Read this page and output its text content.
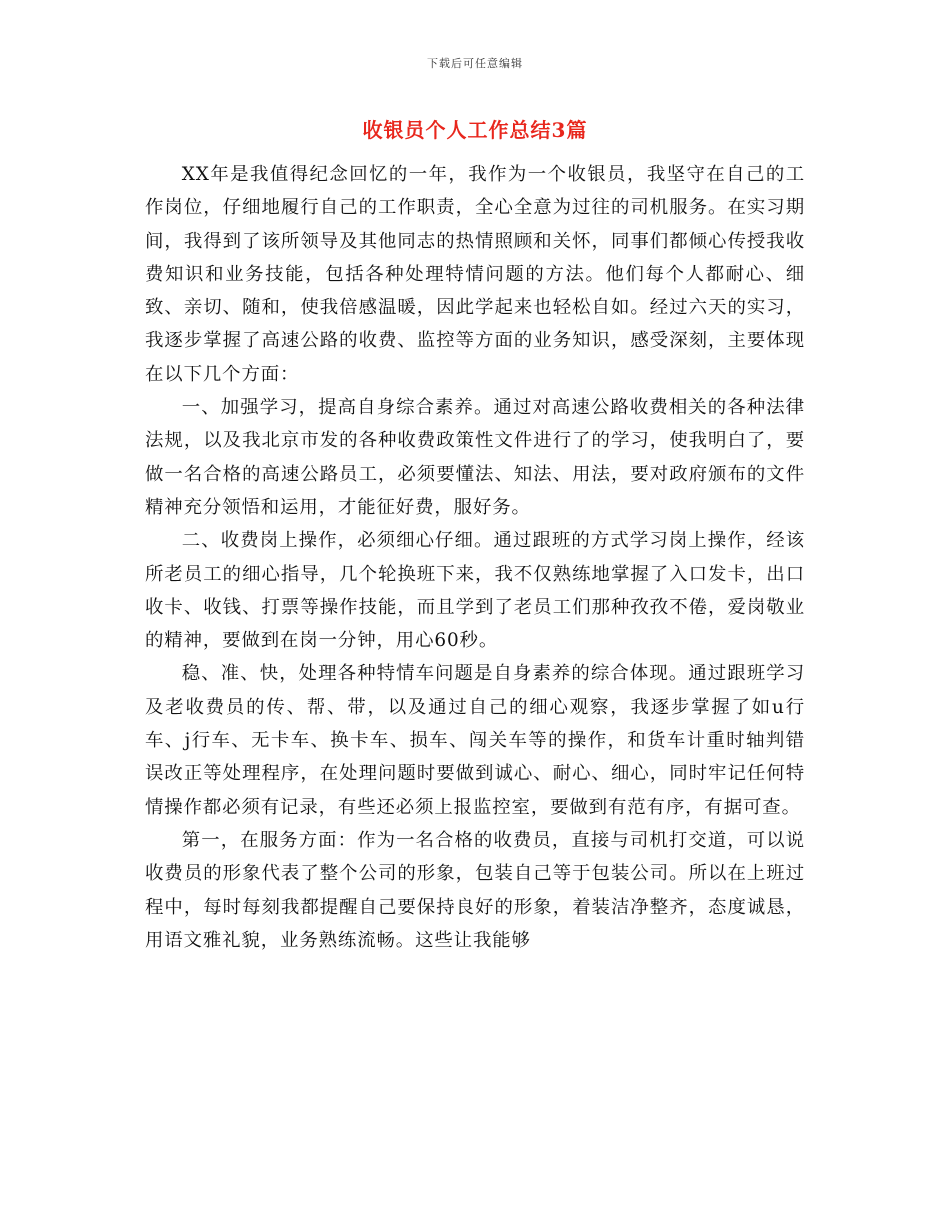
下载后可任意编辑
收银员个人工作总结3篇

XX年是我值得纪念回忆的一年，我作为一个收银员，我坚守在自己的工作岗位，仔细地履行自己的工作职责，全心全意为过往的司机服务。在实习期间，我得到了该所领导及其他同志的热情照顾和关怀，同事们都倾心传授我收费知识和业务技能，包括各种处理特情问题的方法。他们每个人都耐心、细致、亲切、随和，使我倍感温暖，因此学起来也轻松自如。经过六天的实习，我逐步掌握了高速公路的收费、监控等方面的业务知识，感受深刻，主要体现在以下几个方面：

一、加强学习，提高自身综合素养。通过对高速公路收费相关的各种法律法规，以及我北京市发的各种收费政策性文件进行了的学习，使我明白了，要做一名合格的高速公路员工，必须要懂法、知法、用法，要对政府颁布的文件精神充分领悟和运用，才能征好费，服好务。

二、收费岗上操作，必须细心仔细。通过跟班的方式学习岗上操作，经该所老员工的细心指导，几个轮换班下来，我不仅熟练地掌握了入口发卡，出口收卡、收钱、打票等操作技能，而且学到了老员工们那种孜孜不倦，爱岗敬业的精神，要做到在岗一分钟，用心60秒。

稳、准、快，处理各种特情车问题是自身素养的综合体现。通过跟班学习及老收费员的传、帮、带，以及通过自己的细心观察，我逐步掌握了如u行车、j行车、无卡车、换卡车、损车、闯关车等的操作，和货车计重时轴判错误改正等处理程序，在处理问题时要做到诚心、耐心、细心，同时牢记任何特情操作都必须有记录，有些还必须上报监控室，要做到有范有序，有据可查。

第一，在服务方面：作为一名合格的收费员，直接与司机打交道，可以说收费员的形象代表了整个公司的形象，包装自己等于包装公司。所以在上班过程中，每时每刻我都提醒自己要保持良好的形象，着装洁净整齐，态度诚恳，用语文雅礼貌，业务熟练流畅。这些让我能够
